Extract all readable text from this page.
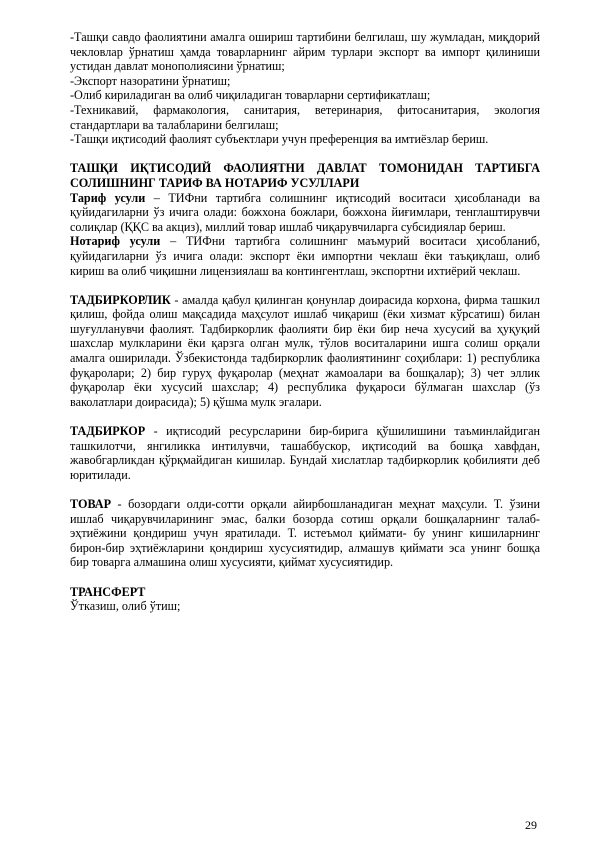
-Ташқи савдо фаолиятини амалга ошириш тартибини белгилаш, шу жумладан, миқдорий чекловлар ўрнатиш ҳамда товарларнинг айрим турлари экспорт ва импорт қилиниши устидан давлат монополиясини ўрнатиш;

-Экспорт назоратини ўрнатиш;

-Олиб кириладиган ва олиб чиқиладиган товарларни сертификатлаш;

-Техникавий, фармакология, санитария, ветеринария, фитосанитария, экология стандартлари ва талабларини белгилаш;

-Ташқи иқтисодий фаолият субъектлари учун преференция ва имтиёзлар бериш.

ТАШҚИ ИҚТИСОДИЙ ФАОЛИЯТНИ ДАВЛАТ ТОМОНИДАН ТАРТИБГА СОЛИШНИНГ ТАРИФ ВА НОТАРИФ УСУЛЛАРИ

Тариф усули – ТИФни тартибга солишнинг иқтисодий воситаси ҳисобланади ва қуйидагиларни ўз ичига олади: божхона божлари, божхона йиғимлари, тенглаштирувчи солиқлар (ҚҚС ва акциз), миллий товар ишлаб чиқарувчиларга субсидиялар бериш.

Нотариф усули – ТИФни тартибга солишнинг маъмурий воситаси ҳисобланиб, қуйидагиларни ўз ичига олади: экспорт ёки импортни чеклаш ёки таъқиқлаш, олиб кириш ва олиб чиқишни лицензиялаш ва контингентлаш, экспортни ихтиёрий чеклаш.

ТАДБИРКОРЛИК - амалда қабул қилинган қонунлар доирасида корхона, фирма ташкил қилиш, фойда олиш мақсадида маҳсулот ишлаб чиқариш (ёки хизмат кўрсатиш) билан шуғулланувчи фаолият. Тадбиркорлик фаолияти бир ёки бир неча хусусий ва ҳуқуқий шахслар мулкларини ёки қарзга олган мулк, тўлов воситаларини ишга солиш орқали амалга оширилади. Ўзбекистонда тадбиркорлик фаолиятининг соҳиблари: 1) республика фуқаролари; 2) бир гуруҳ фуқаролар (меҳнат жамоалари ва бошқалар); 3) чет эллик фуқаролар ёки хусусий шахслар; 4) республика фуқароси бўлмаган шахслар (ўз ваколатлари доирасида); 5) қўшма мулк эгалари.

ТАДБИРКОР - иқтисодий ресурсларини бир-бирига қўшилишини таъминлайдиган ташкилотчи, янгиликка интилувчи, ташаббускор, иқтисодий ва бошқа хавфдан, жавобгарликдан қўрқмайдиган кишилар. Бундай хислатлар тадбиркорлик қобилияти деб юритилади.

ТОВАР - бозордаги олди-сотти орқали айирбошланадиган меҳнат маҳсули. Т. ўзини ишлаб чиқарувчиларининг эмас, балки бозорда сотиш орқали бошқаларнинг талаб-эҳтиёжини қондириш учун яратилади. Т. истеъмол қиймати- бу унинг кишиларнинг бирон-бир эҳтиёжларини қондириш хусусиятидир, алмашув қиймати эса унинг бошқа бир товарга алмашина олиш хусусияти, қиймат хусусиятидир.

ТРАНСФЕРТ

Ўтказиш, олиб ўтиш;

29
